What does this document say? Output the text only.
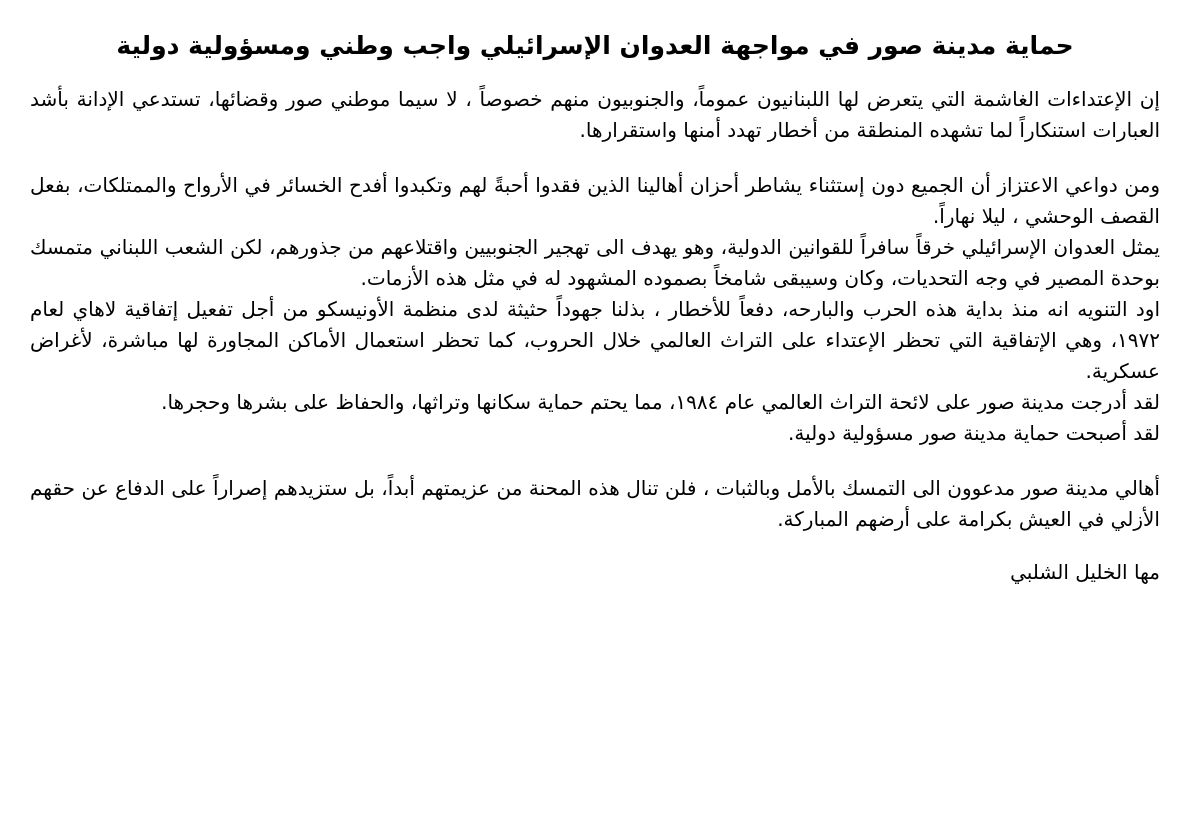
حماية مدينة صور في مواجهة العدوان الإسرائيلي واجب وطني ومسؤولية دولية

إن الإعتداءات الغاشمة التي يتعرض لها اللبنانيون عموماً، والجنوبيون منهم خصوصاً ، لا سيما موطني صور وقضائها، تستدعي الإدانة بأشد العبارات استنكاراً لما تشهده المنطقة من أخطار تهدد أمنها واستقرارها.

ومن دواعي الاعتزاز أن الجميع دون إستثناء يشاطر أحزان أهالينا الذين فقدوا أحبةً لهم وتكبدوا أفدح الخسائر في الأرواح والممتلكات، بفعل القصف الوحشي ، ليلا نهاراً.

يمثل العدوان الإسرائيلي خرقاً سافراً للقوانين الدولية، وهو يهدف الى تهجير الجنوبيين واقتلاعهم من جذورهم، لكن الشعب اللبناني متمسك بوحدة المصير في وجه التحديات، وكان وسيبقى شامخاً بصموده المشهود له في مثل هذه الأزمات.

اود التنويه انه منذ بداية هذه الحرب والبارحه، دفعاً للأخطار ، بذلنا جهوداً حثيثة لدى منظمة الأونيسكو من أجل تفعيل إتفاقية لاهاي لعام ١٩٧٢، وهي الإتفاقية التي تحظر الإعتداء على التراث العالمي خلال الحروب، كما تحظر استعمال الأماكن المجاورة لها مباشرة، لأغراض عسكرية.

لقد أدرجت مدينة صور على لائحة التراث العالمي عام ١٩٨٤، مما يحتم حماية سكانها وتراثها، والحفاظ على بشرها وحجرها.

لقد أصبحت حماية مدينة صور مسؤولية دولية.

أهالي مدينة صور مدعوون الى التمسك بالأمل وبالثبات ، فلن تنال هذه المحنة من عزيمتهم أبداً، بل ستزيدهم إصراراً على الدفاع عن حقهم الأزلي في العيش بكرامة على أرضهم المباركة.

مها الخليل الشلبي
